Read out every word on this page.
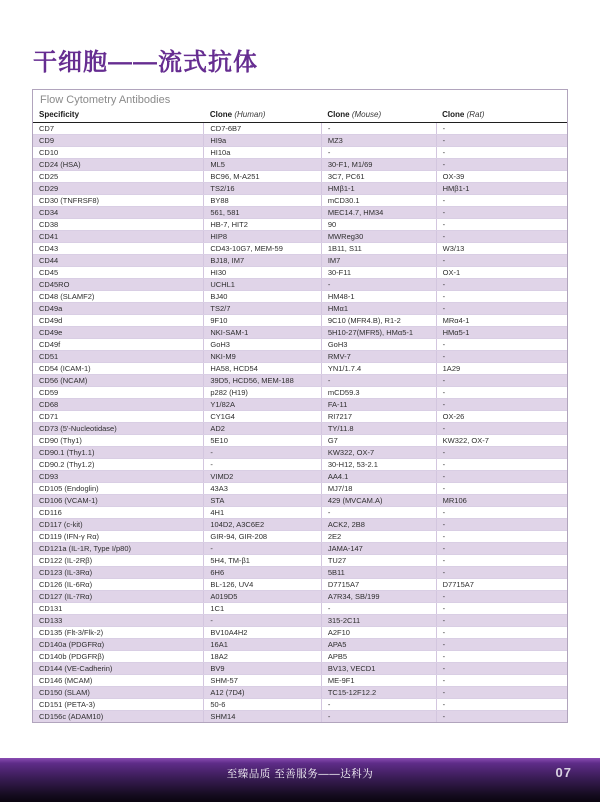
干细胞——流式抗体
Flow Cytometry Antibodies
Specificity	Clone (Human)	Clone (Mouse)	Clone (Rat)
CD7	CD7-6B7	-	-
CD9	HI9a	MZ3	-
CD10	HI10a	-	-
CD24 (HSA)	ML5	30-F1, M1/69	-
CD25	BC96, M-A251	3C7, PC61	OX-39
CD29	TS2/16	HMβ1-1	HMβ1-1
CD30 (TNFRSF8)	BY88	mCD30.1	-
CD34	561, 581	MEC14.7, HM34	-
CD38	HB-7, HIT2	90	-
CD41	HIP8	MWReg30	-
CD43	CD43-10G7, MEM-59	1B11, S11	W3/13
CD44	BJ18, IM7	IM7	-
CD45	HI30	30-F11	OX-1
CD45RO	UCHL1	-	-
CD48 (SLAMF2)	BJ40	HM48-1	-
CD49a	TS2/7	HMα1	-
CD49d	9F10	9C10 (MFR4.B), R1-2	MRα4-1
CD49e	NKI-SAM-1	5H10-27(MFR5), HMα5-1	HMα5-1
CD49f	GoH3	GoH3	-
CD51	NKI-M9	RMV-7	-
CD54 (ICAM-1)	HA58, HCD54	YN1/1.7.4	1A29
CD56 (NCAM)	39D5, HCD56, MEM-188	-	-
CD59	p282 (H19)	mCD59.3	-
CD68	Y1/82A	FA-11	-
CD71	CY1G4	RI7217	OX-26
CD73 (5'-Nucleotidase)	AD2	TY/11.8	-
CD90 (Thy1)	5E10	G7	KW322, OX-7
CD90.1 (Thy1.1)	-	KW322, OX-7	-
CD90.2 (Thy1.2)	-	30-H12, 53-2.1	-
CD93	VIMD2	AA4.1	-
CD105 (Endoglin)	43A3	MJ7/18	-
CD106 (VCAM-1)	STA	429 (MVCAM.A)	MR106
CD116	4H1	-	-
CD117 (c-kit)	104D2, A3C6E2	ACK2, 2B8	-
CD119 (IFN-γ Rα)	GIR-94, GIR-208	2E2	-
CD121a (IL-1R, Type I/p80)	-	JAMA-147	-
CD122 (IL-2Rβ)	5H4, TM-β1	TU27	-
CD123 (IL-3Rα)	6H6	5B11	-
CD126 (IL-6Rα)	BL-126, UV4	D7715A7	D7715A7
CD127 (IL-7Rα)	A019D5	A7R34, SB/199	-
CD131	1C1	-	-
CD133	-	315-2C11	-
CD135 (Flt-3/Flk-2)	BV10A4H2	A2F10	-
CD140a (PDGFRα)	16A1	APA5	-
CD140b (PDGFRβ)	18A2	APB5	-
CD144 (VE-Cadherin)	BV9	BV13, VECD1	-
CD146 (MCAM)	SHM-57	ME-9F1	-
CD150 (SLAM)	A12 (7D4)	TC15-12F12.2	-
CD151 (PETA-3)	50-6	-	-
CD156c (ADAM10)	SHM14	-	-
至臻品质 至善服务——达科为	07
